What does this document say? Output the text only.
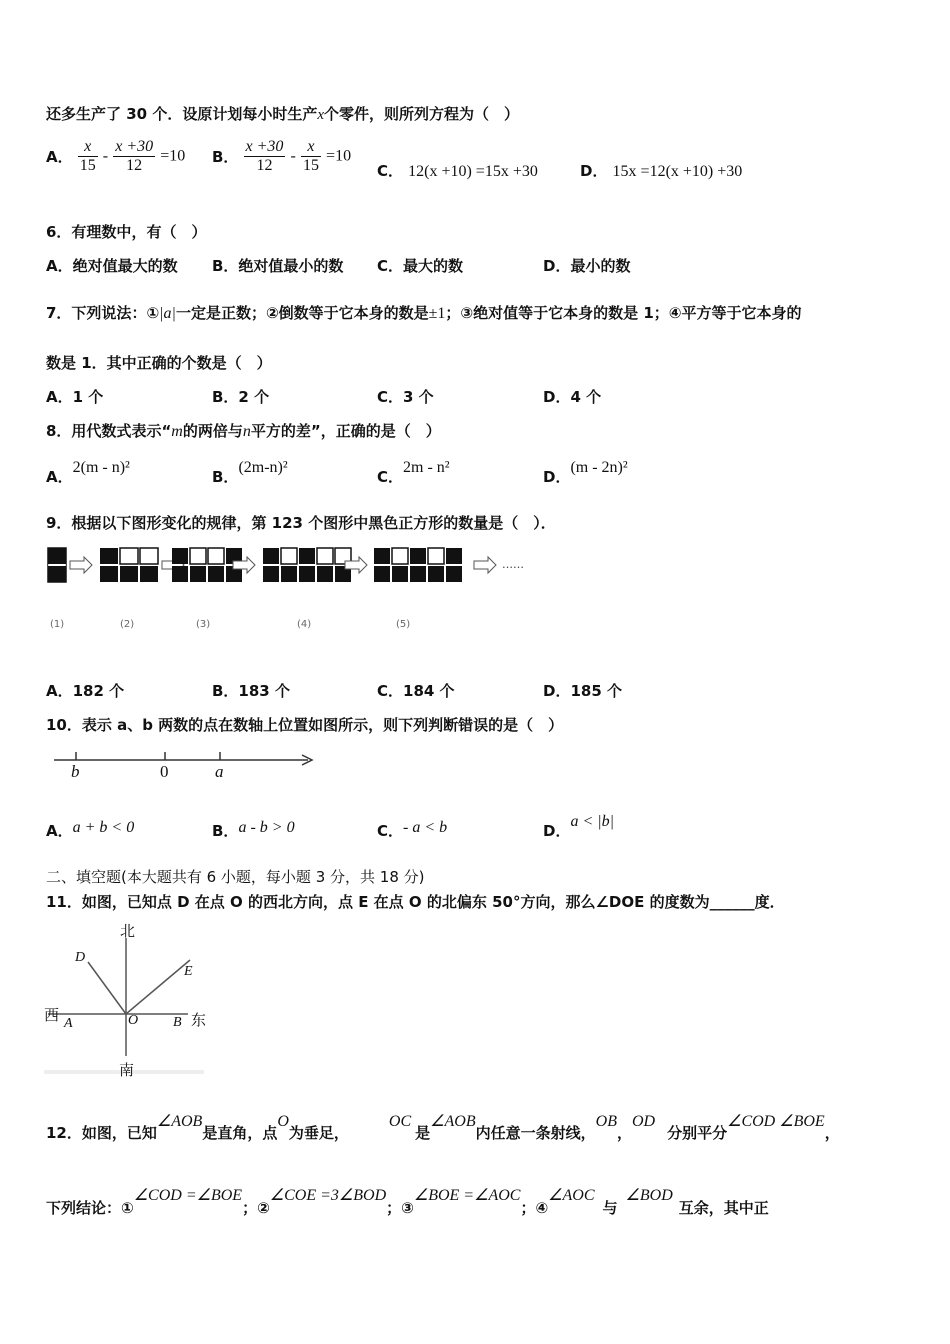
还多生产了 30 个．设原计划每小时生产x个零件，则所列方程为（　）
A． $\frac{x}{15} - \frac{x +30}{12} =10$ B． $\frac{x +30}{12} - \frac{x}{15} =10$
C． 12(x +10) =15x +30	D． 15x =12(x +10) +30
6．有理数中，有（　）
A．绝对值最大的数 B．绝对值最小的数 C．最大的数	D．最小的数
7．下列说法：①|a|一定是正数；②倒数等于它本身的数是±1；③绝对值等于它本身的数是 1；④平方等于它本身的
数是 1．其中正确的个数是（　）
A．1 个	B．2 个	C．3 个	D．4 个
8．用代数式表示“m的两倍与n平方的差”，正确的是（　）
A．2(m - n)²
B．(2m-n)²
C．2m - n²
D．(m - 2n)²
9．根据以下图形变化的规律，第 123 个图形中黑色正方形的数量是（　）．
……
(1)	(2)	(3)	(4)	(5)
A．182 个	B．183 个	C．184 个	D．185 个
10．表示 a、b 两数的点在数轴上位置如图所示，则下列判断错误的是（　）
b	0	a
A．a + b < 0	B．a - b > 0	C．- a < b	D．a < |b|
二、填空题(本大题共有 6 小题，每小题 3 分，共 18 分)
11．如图，已知点 D 在点 O 的西北方向，点 E 在点 O 的北偏东 50°方向，那么∠DOE 的度数为______度．
北
南
西	东
D
E
A	O B
12．如图，已知∠AOB是直角，点O为垂足，OC是∠AOB内任意一条射线，OB，OD分别平分∠COD ∠BOE，
下列结论：①∠COD =∠BOE；②∠COE =3∠BOD；③∠BOE =∠AOC；④∠AOC与∠BOD互余，其中正
